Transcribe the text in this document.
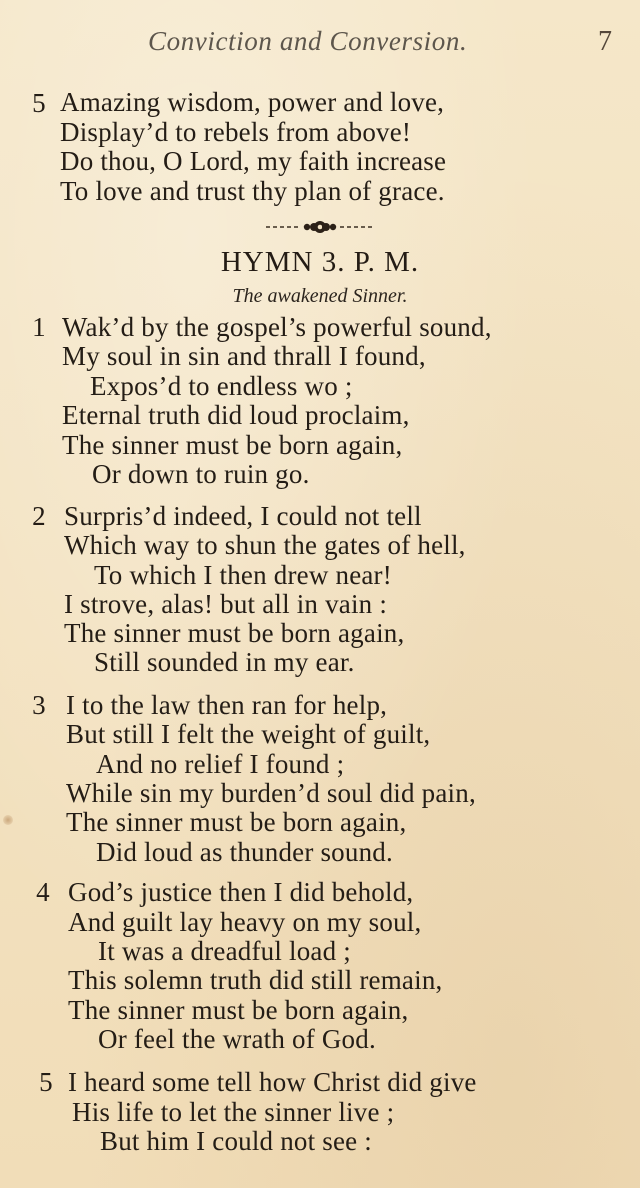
Conviction and Conversion.	7
5 Amazing wisdom, power and love,
Display’d to rebels from above!
Do thou, O Lord, my faith increase
To love and trust thy plan of grace.
HYMN 3. P. M.
The awakened Sinner.
1 Wak’d by the gospel’s powerful sound,
My soul in sin and thrall I found,
Expos’d to endless wo ;
Eternal truth did loud proclaim,
The sinner must be born again,
Or down to ruin go.
2 Surpris’d indeed, I could not tell
Which way to shun the gates of hell,
To which I then drew near!
I strove, alas! but all in vain :
The sinner must be born again,
Still sounded in my ear.
3 I to the law then ran for help,
But still I felt the weight of guilt,
And no relief I found ;
While sin my burden’d soul did pain,
The sinner must be born again,
Did loud as thunder sound.
4 God’s justice then I did behold,
And guilt lay heavy on my soul,
It was a dreadful load ;
This solemn truth did still remain,
The sinner must be born again,
Or feel the wrath of God.
5 I heard some tell how Christ did give
His life to let the sinner live ;
But him I could not see :
